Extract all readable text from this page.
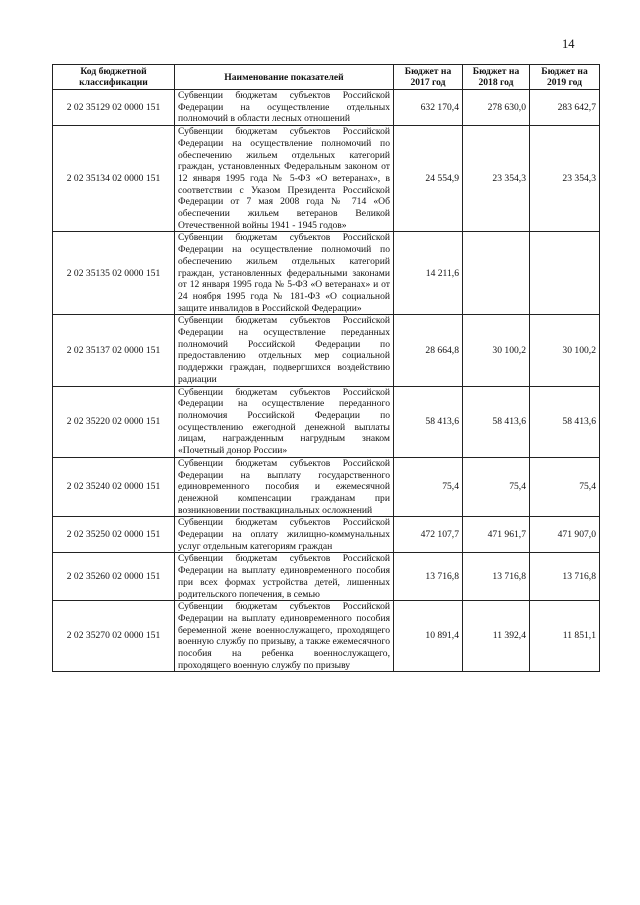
14
Код бюджетной классификации	Наименование показателей	Бюджет на 2017 год	Бюджет на 2018 год	Бюджет на 2019 год
2 02 35129 02 0000 151	Субвенции бюджетам субъектов Российской Федерации на осуществление отдельных полномочий в области лесных отношений	632 170,4	278 630,0	283 642,7
2 02 35134 02 0000 151	Субвенции бюджетам субъектов Российской Федерации на осуществление полномочий по обеспечению жильем отдельных категорий граждан, установленных Федеральным законом от 12 января 1995 года № 5-ФЗ «О ветеранах», в соответствии с Указом Президента Российской Федерации от 7 мая 2008 года № 714 «Об обеспечении жильем ветеранов Великой Отечественной войны 1941 - 1945 годов»	24 554,9	23 354,3	23 354,3
2 02 35135 02 0000 151	Субвенции бюджетам субъектов Российской Федерации на осуществление полномочий по обеспечению жильем отдельных категорий граждан, установленных федеральными законами от 12 января 1995 года № 5-ФЗ «О ветеранах» и от 24 ноября 1995 года № 181-ФЗ «О социальной защите инвалидов в Российской Федерации»	14 211,6		
2 02 35137 02 0000 151	Субвенции бюджетам субъектов Российской Федерации на осуществление переданных полномочий Российской Федерации по предоставлению отдельных мер социальной поддержки граждан, подвергшихся воздействию радиации	28 664,8	30 100,2	30 100,2
2 02 35220 02 0000 151	Субвенции бюджетам субъектов Российской Федерации на осуществление переданного полномочия Российской Федерации по осуществлению ежегодной денежной выплаты лицам, награжденным нагрудным знаком «Почетный донор России»	58 413,6	58 413,6	58 413,6
2 02 35240 02 0000 151	Субвенции бюджетам субъектов Российской Федерации на выплату государственного единовременного пособия и ежемесячной денежной компенсации гражданам при возникновении поствакцинальных осложнений	75,4	75,4	75,4
2 02 35250 02 0000 151	Субвенции бюджетам субъектов Российской Федерации на оплату жилищно-коммунальных услуг отдельным категориям граждан	472 107,7	471 961,7	471 907,0
2 02 35260 02 0000 151	Субвенции бюджетам субъектов Российской Федерации на выплату единовременного пособия при всех формах устройства детей, лишенных родительского попечения, в семью	13 716,8	13 716,8	13 716,8
2 02 35270 02 0000 151	Субвенции бюджетам субъектов Российской Федерации на выплату единовременного пособия беременной жене военнослужащего, проходящего военную службу по призыву, а также ежемесячного пособия на ребенка военнослужащего, проходящего военную службу по призыву	10 891,4	11 392,4	11 851,1
